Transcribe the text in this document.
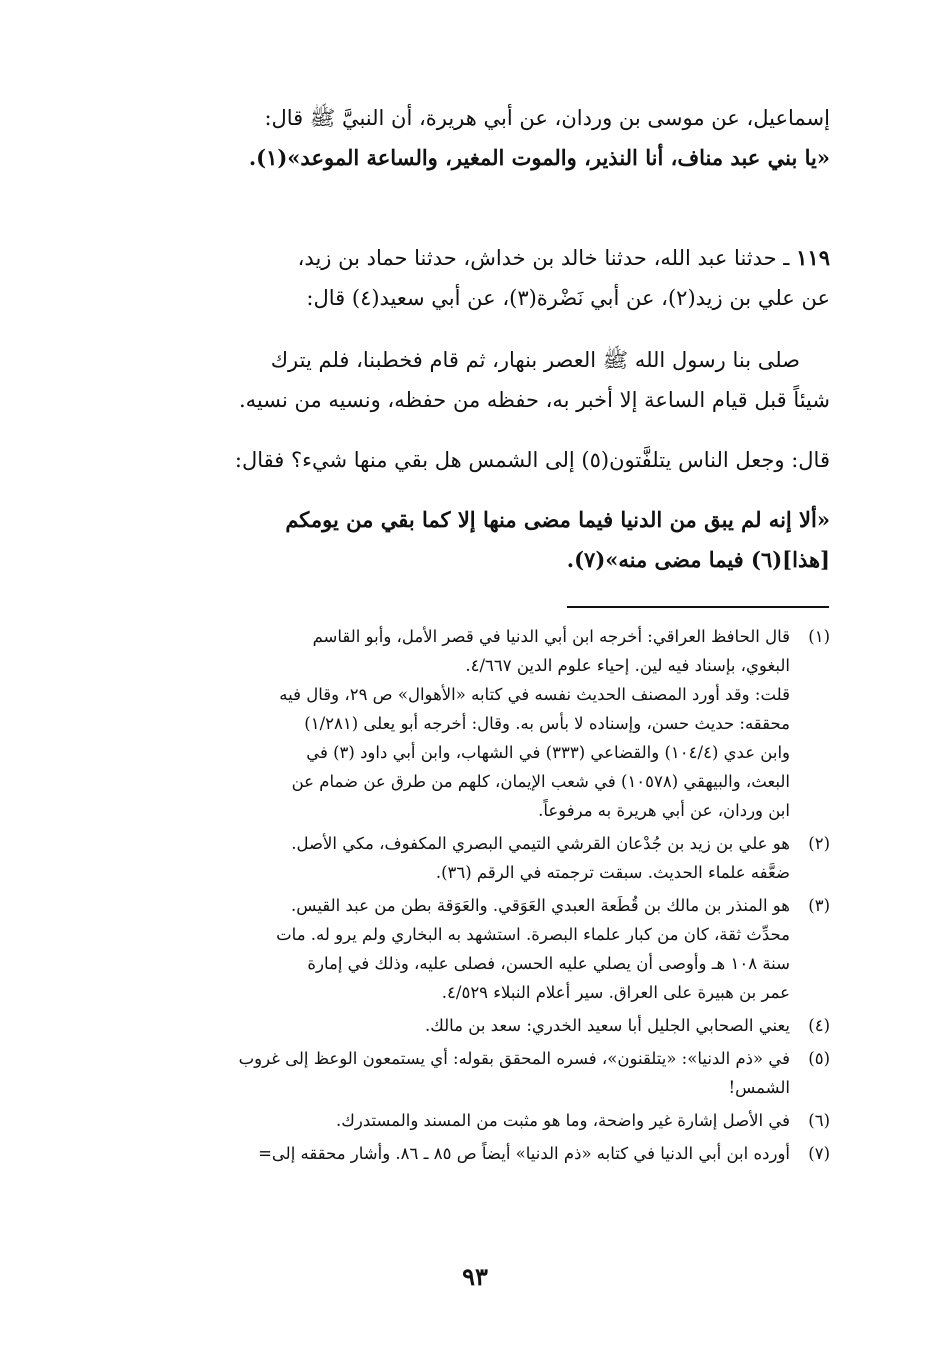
إسماعيل، عن موسى بن وردان، عن أبي هريرة، أن النبيَّ ﷺ قال:
«يا بني عبد مناف، أنا النذير، والموت المغير، والساعة الموعد»(١).
١١٩ ـ حدثنا عبد الله، حدثنا خالد بن خداش، حدثنا حماد بن زيد،
عن علي بن زيد(٢)، عن أبي نَضْرة(٣)، عن أبي سعيد(٤) قال:
صلى بنا رسول الله ﷺ العصر بنهار، ثم قام فخطبنا، فلم يترك
شيئاً قبل قيام الساعة إلا أخبر به، حفظه من حفظه، ونسيه من نسيه.
قال: وجعل الناس يتلفَّتون(٥) إلى الشمس هل بقي منها شيء؟ فقال:
«ألا إنه لم يبق من الدنيا فيما مضى منها إلا كما بقي من يومكم
[هذا](٦) فيما مضى منه»(٧).
(١)
قال الحافظ العراقي: أخرجه ابن أبي الدنيا في قصر الأمل، وأبو القاسم
البغوي، بإسناد فيه لين. إحياء علوم الدين ٤/٦٦٧.
قلت: وقد أورد المصنف الحديث نفسه في كتابه «الأهوال» ص ٢٩، وقال فيه
محققه: حديث حسن، وإسناده لا بأس به. وقال: أخرجه أبو يعلى (١/٢٨١)
وابن عدي (١٠٤/٤) والقضاعي (٣٣٣) في الشهاب، وابن أبي داود (٣) في
البعث، والبيهقي (١٠٥٧٨) في شعب الإيمان، كلهم من طرق عن ضمام عن
ابن وردان، عن أبي هريرة به مرفوعاً.
(٢)
هو علي بن زيد بن جُدْعان القرشي التيمي البصري المكفوف، مكي الأصل.
ضعَّفه علماء الحديث. سبقت ترجمته في الرقم (٣٦).
(٣)
هو المنذر بن مالك بن قُطَعة العبدي العَوَقي. والعَوَقة بطن من عبد القيس.
محدِّث ثقة، كان من كبار علماء البصرة. استشهد به البخاري ولم يرو له. مات
سنة ١٠٨ هـ وأوصى أن يصلي عليه الحسن، فصلى عليه، وذلك في إمارة
عمر بن هبيرة على العراق. سير أعلام النبلاء ٤/٥٢٩.
(٤)
يعني الصحابي الجليل أبا سعيد الخدري: سعد بن مالك.
(٥)
في «ذم الدنيا»: «يتلقنون»، فسره المحقق بقوله: أي يستمعون الوعظ إلى غروب
الشمس!
(٦)
في الأصل إشارة غير واضحة، وما هو مثبت من المسند والمستدرك.
(٧)
أورده ابن أبي الدنيا في كتابه «ذم الدنيا» أيضاً ص ٨٥ ـ ٨٦. وأشار محققه إلى=
٩٣
